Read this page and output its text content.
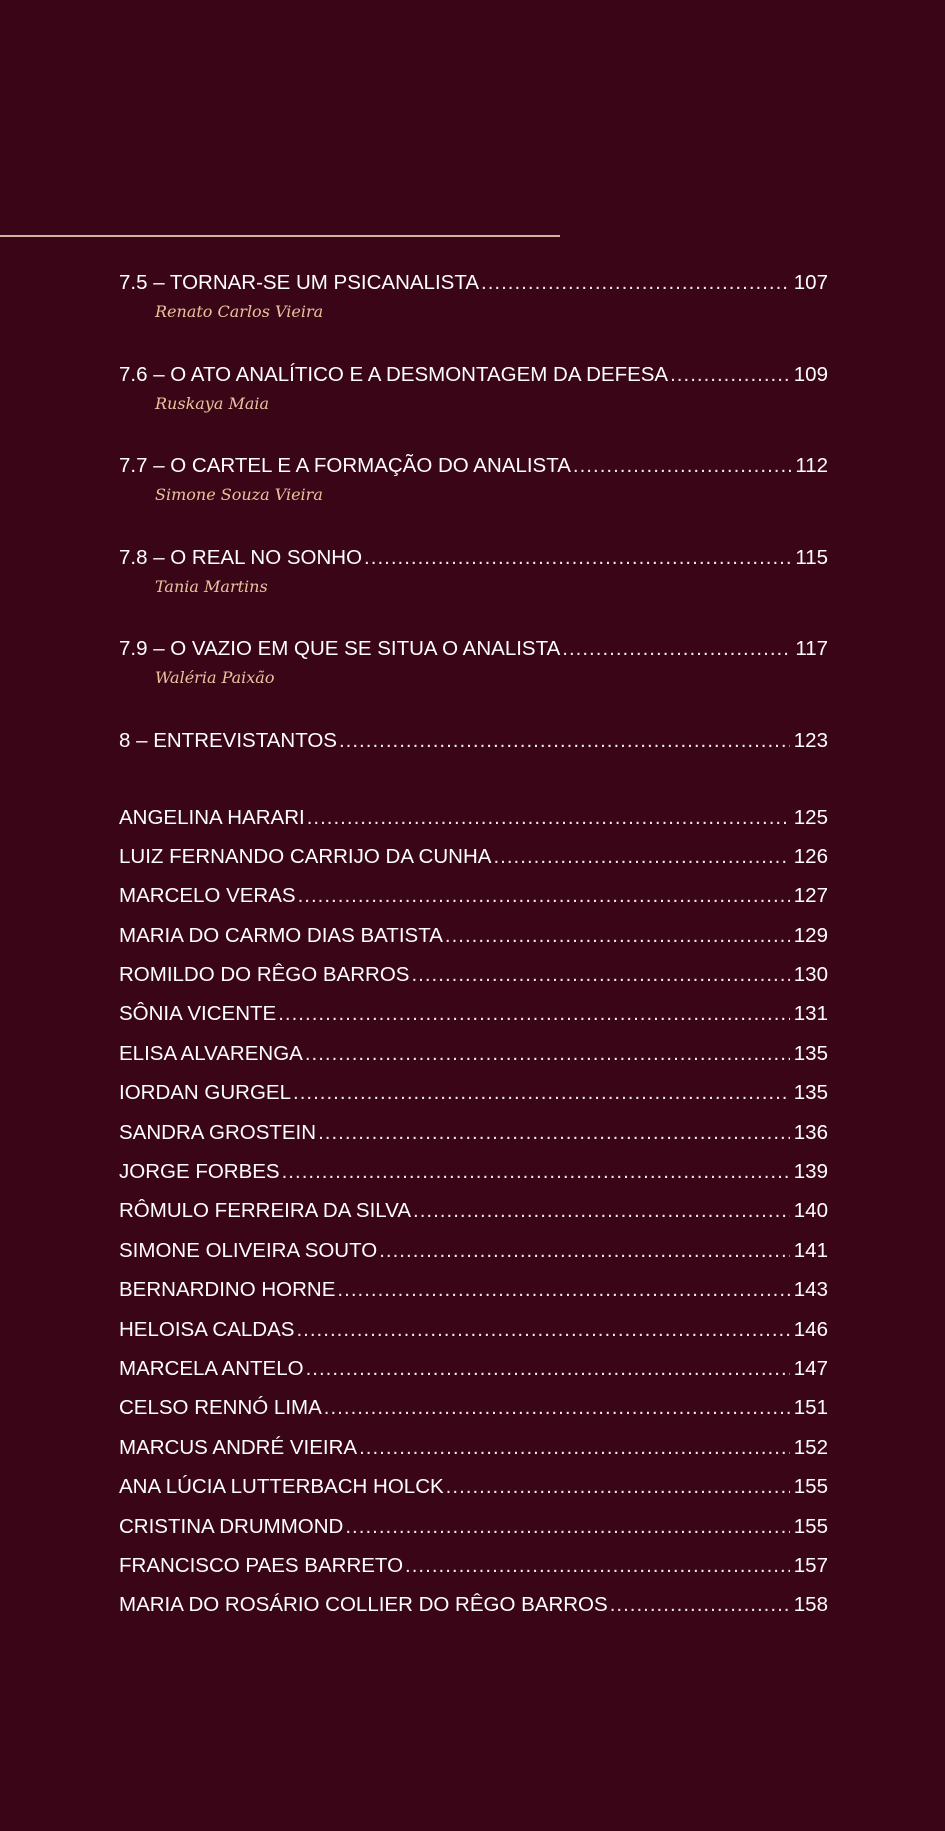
7.5 – TORNAR-SE UM PSICANALISTA .....	107
Renato Carlos Vieira
7.6 – O ATO ANALÍTICO E A DESMONTAGEM DA DEFESA .....	109
Ruskaya Maia
7.7 – O CARTEL E A FORMAÇÃO DO ANALISTA .....	112
Simone Souza Vieira
7.8 – O REAL NO SONHO .....	115
Tania Martins
7.9 – O VAZIO EM QUE SE SITUA O ANALISTA .....	117
Waléria Paixão
8 – ENTREVISTANTOS .....	123
ANGELINA HARARI .....	125
LUIZ FERNANDO CARRIJO DA CUNHA .....	126
MARCELO VERAS .....	127
MARIA DO CARMO DIAS BATISTA .....	129
ROMILDO DO RÊGO BARROS .....	130
SÔNIA VICENTE .....	131
ELISA ALVARENGA .....	135
IORDAN GURGEL .....	135
SANDRA GROSTEIN .....	136
JORGE FORBES .....	139
RÔMULO FERREIRA DA SILVA .....	140
SIMONE OLIVEIRA SOUTO .....	141
BERNARDINO HORNE .....	143
HELOISA CALDAS .....	146
MARCELA ANTELO .....	147
CELSO RENNÓ LIMA .....	151
MARCUS ANDRÉ VIEIRA .....	152
ANA LÚCIA LUTTERBACH HOLCK .....	155
CRISTINA DRUMMOND .....	155
FRANCISCO PAES BARRETO .....	157
MARIA DO ROSÁRIO COLLIER DO RÊGO BARROS .....	158
